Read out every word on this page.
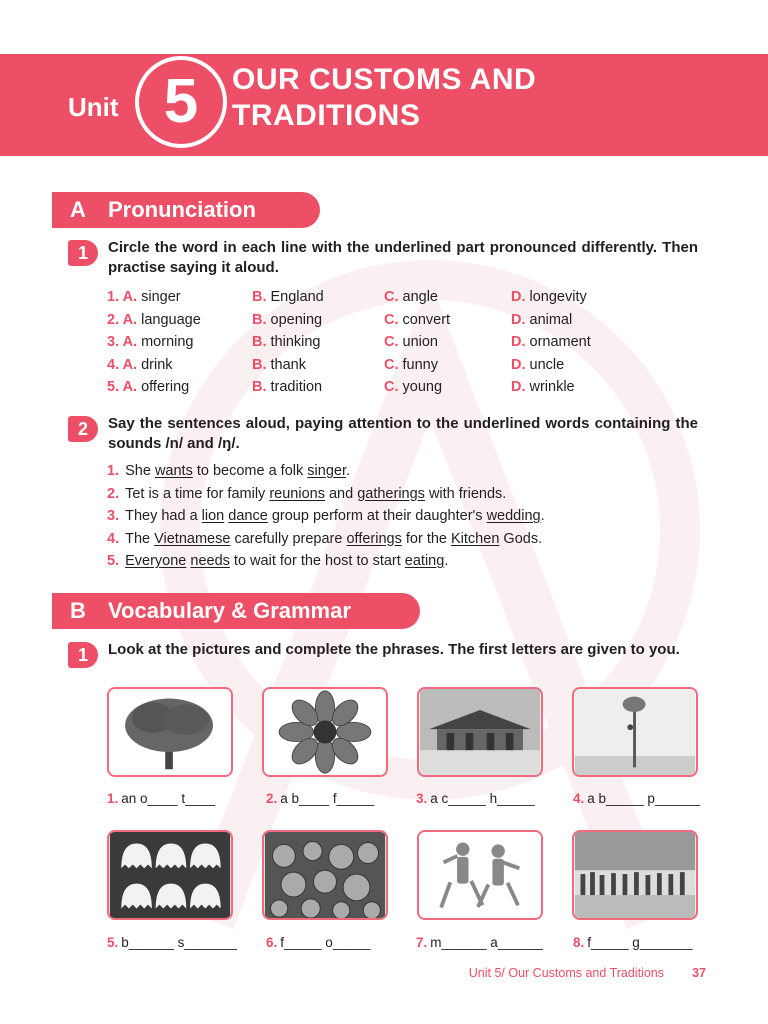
Unit 5	OUR CUSTOMS AND
TRADITIONS
A	Pronunciation
1	Circle the word in each line with the underlined part pronounced differently. Then practise saying it aloud.
1. A. singer	B. England	C. angle	D. longevity
2. A. language	B. opening	C. convert	D. animal
3. A. morning	B. thinking	C. union	D. ornament
4. A. drink	B. thank	C. funny	D. uncle
5. A. offering	B. tradition	C. young	D. wrinkle
2	Say the sentences aloud, paying attention to the underlined words containing the sounds /n/ and /ŋ/.
1. She wants to become a folk singer.
2. Tet is a time for family reunions and gatherings with friends.
3. They had a lion dance group perform at their daughter's wedding.
4. The Vietnamese carefully prepare offerings for the Kitchen Gods.
5. Everyone needs to wait for the host to start eating.
B	Vocabulary & Grammar
1	Look at the pictures and complete the phrases. The first letters are given to you.
1. an o____ t____	2. a b____ f_____	3. a c_____ h_____	4. a b_____ p______
5. b______ s_______ 6. f_____ o_____	7. m______ a______ 8. f_____ g_______
Unit 5/ Our Customs and Traditions 37
